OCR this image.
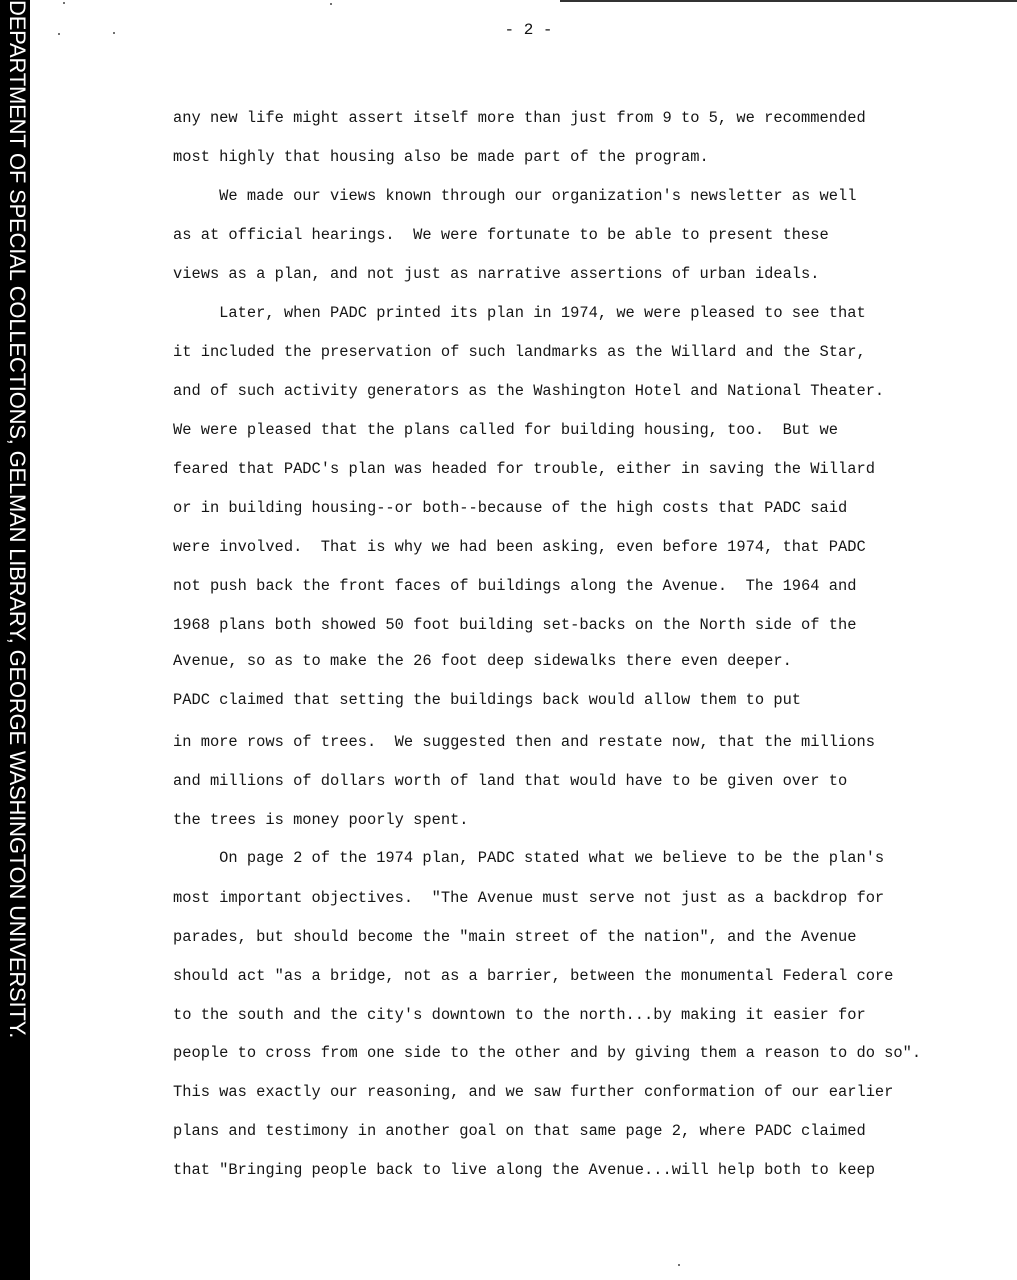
DEPARTMENT OF SPECIAL COLLECTIONS, GELMAN LIBRARY, GEORGE WASHINGTON UNIVERSITY.	- 2 -
any new life might assert itself more than just from 9 to 5, we recommended
most highly that housing also be made part of the program.
We made our views known through our organization's newsletter as well
as at official hearings.  We were fortunate to be able to present these
views as a plan, and not just as narrative assertions of urban ideals.
Later, when PADC printed its plan in 1974, we were pleased to see that
it included the preservation of such landmarks as the Willard and the Star,
and of such activity generators as the Washington Hotel and National Theater.
We were pleased that the plans called for building housing, too.  But we
feared that PADC's plan was headed for trouble, either in saving the Willard
or in building housing--or both--because of the high costs that PADC said
were involved.  That is why we had been asking, even before 1974, that PADC
not push back the front faces of buildings along the Avenue.  The 1964 and
1968 plans both showed 50 foot building set-backs on the North side of the
Avenue, so as to make the 26 foot deep sidewalks there even deeper.
PADC claimed that setting the buildings back would allow them to put
in more rows of trees.  We suggested then and restate now, that the millions
and millions of dollars worth of land that would have to be given over to
the trees is money poorly spent.
On page 2 of the 1974 plan, PADC stated what we believe to be the plan's
most important objectives.  "The Avenue must serve not just as a backdrop for
parades, but should become the "main street of the nation", and the Avenue
should act "as a bridge, not as a barrier, between the monumental Federal core
to the south and the city's downtown to the north...by making it easier for
people to cross from one side to the other and by giving them a reason to do so".
This was exactly our reasoning, and we saw further conformation of our earlier
plans and testimony in another goal on that same page 2, where PADC claimed
that "Bringing people back to live along the Avenue...will help both to keep
